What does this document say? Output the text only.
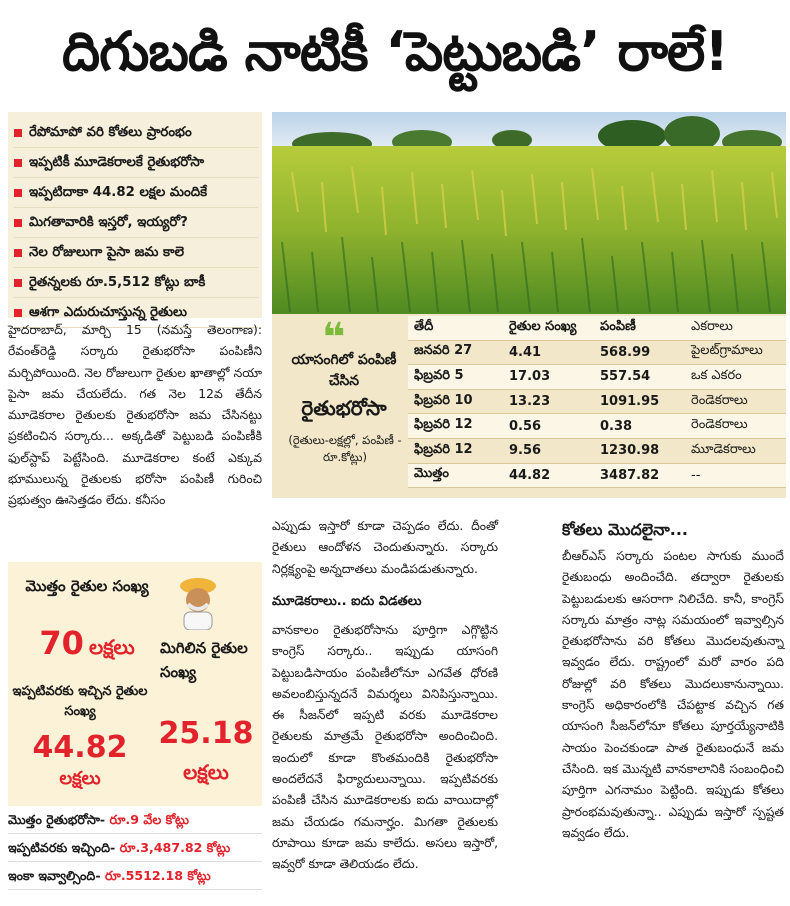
దిగుబడి నాటికీ ‘పెట్టుబడి’ రాలే!
రేపోమాపో వరి కోతలు ప్రారంభం
ఇప్పటికీ మూడెకరాలకే రైతుభరోసా
ఇప్పటిదాకా 44.82 లక్షల మందికే
మిగతావారికి ఇస్తరో, ఇయ్యరో?
నెల రోజులుగా పైసా జమ కాలె
రైతన్నలకు రూ.5,512 కోట్లు బాకీ
ఆశగా ఎదురుచూస్తున్న రైతులు
❝
యాసంగిలో పంపిణీ చేసిన
రైతుభరోసా
(రైతులు-లక్షల్లో, పంపిణీ - రూ.కోట్లు)
తేదీ	రైతుల సంఖ్య	పంపిణీ	ఎకరాలు
జనవరి 27	4.41	568.99	పైలట్‌గ్రామాలు
ఫిబ్రవరి 5	17.03	557.54	ఒక ఎకరం
ఫిబ్రవరి 10	13.23	1091.95	రెండెకరాలు
ఫిబ్రవరి 12	0.56	0.38	రెండెకరాలు
ఫిబ్రవరి 12	9.56	1230.98	మూడెకరాలు
మొత్తం	44.82	3487.82	--
హైదరాబాద్, మార్చి 15 (నమస్తే తెలంగాణ): రేవంత్‌రెడ్డి సర్కారు రైతుభరోసా పంపిణీని మర్చిపోయింది. నెల రోజులుగా రైతుల ఖాతాల్లో నయా పైసా జమ చేయలేదు. గత నెల 12వ తేదీన మూడెకరాల రైతులకు రైతుభరోసా జమ చేసినట్టు ప్రకటించిన సర్కారు... అక్కడితో పెట్టుబడి పంపిణీకి ఫుల్‌స్టాప్ పెట్టేసింది. మూడెకరాల కంటే ఎక్కువ భూములున్న రైతులకు భరోసా పంపిణీ గురించి ప్రభుత్వం ఊసెత్తడం లేదు. కనీసం
ఎప్పుడు ఇస్తారో కూడా చెప్పడం లేదు. దీంతో రైతులు ఆందోళన చెందుతున్నారు. సర్కారు నిర్లక్ష్యంపై అన్నదాతలు మండిపడుతున్నారు.
మూడెకరాలు.. ఐదు విడతలు
వానకాలం రైతుభరోసాను పూర్తిగా ఎగ్గొట్టిన కాంగ్రెస్ సర్కారు.. ఇప్పుడు యాసంగి పెట్టుబడిసాయం పంపిణీలోనూ ఎగవేత ధోరణి అవలంబిస్తున్నదనే విమర్శలు వినిపిస్తున్నాయి. ఈ సీజన్‌లో ఇప్పటి వరకు మూడెకరాల రైతులకు మాత్రమే రైతుభరోసా అందించింది. ఇందులో కూడా కొంతమందికి రైతుభరోసా అందలేదనే ఫిర్యాదులున్నాయి. ఇప్పటివరకు పంపిణీ చేసిన మూడెకరాలకు ఐదు వాయిదాల్లో జమ చేయడం గమనార్హం. మిగతా రైతులకు రూపాయి కూడా జమ కాలేదు. అసలు ఇస్తారో, ఇవ్వరో కూడా తెలియడం లేదు.
కోతలు మొదలైనా...
బీఆర్‌ఎస్ సర్కారు పంటల సాగుకు ముందే రైతుబంధు అందించేది. తద్వారా రైతులకు పెట్టుబడులకు ఆసరాగా నిలిచేది. కానీ, కాంగ్రెస్ సర్కారు మాత్రం నాట్ల సమయంలో ఇవ్వాల్సిన రైతుభరోసాను వరి కోతలు మొదలవుతున్నా ఇవ్వడం లేదు. రాష్ట్రంలో మరో వారం పది రోజుల్లో వరి కోతలు మొదలుకానున్నాయి. కాంగ్రెస్ అధికారంలోకి చేపట్టాక వచ్చిన గత యాసంగి సీజన్‌లోనూ కోతలు పూర్తయ్యేనాటికి సాయం పెంచకుండా పాత రైతుబంధునే జమ చేసింది. ఇక మొన్నటి వానకాలానికి సంబంధించి పూర్తిగా ఎగనామం పెట్టింది. ఇప్పుడు కోతలు ప్రారంభమవుతున్నా.. ఎప్పుడు ఇస్తారో స్పష్టత ఇవ్వడం లేదు.
మొత్తం రైతుల సంఖ్య
70 లక్షలు	మిగిలిన రైతుల సంఖ్య
25.18
లక్షలు
ఇప్పటివరకు ఇచ్చిన రైతుల సంఖ్య
44.82
లక్షలు
మొత్తం రైతుభరోసా- రూ.9 వేల కోట్లు
ఇప్పటివరకు ఇచ్చింది- రూ.3,487.82 కోట్లు
ఇంకా ఇవ్వాల్సింది- రూ.5512.18 కోట్లు
